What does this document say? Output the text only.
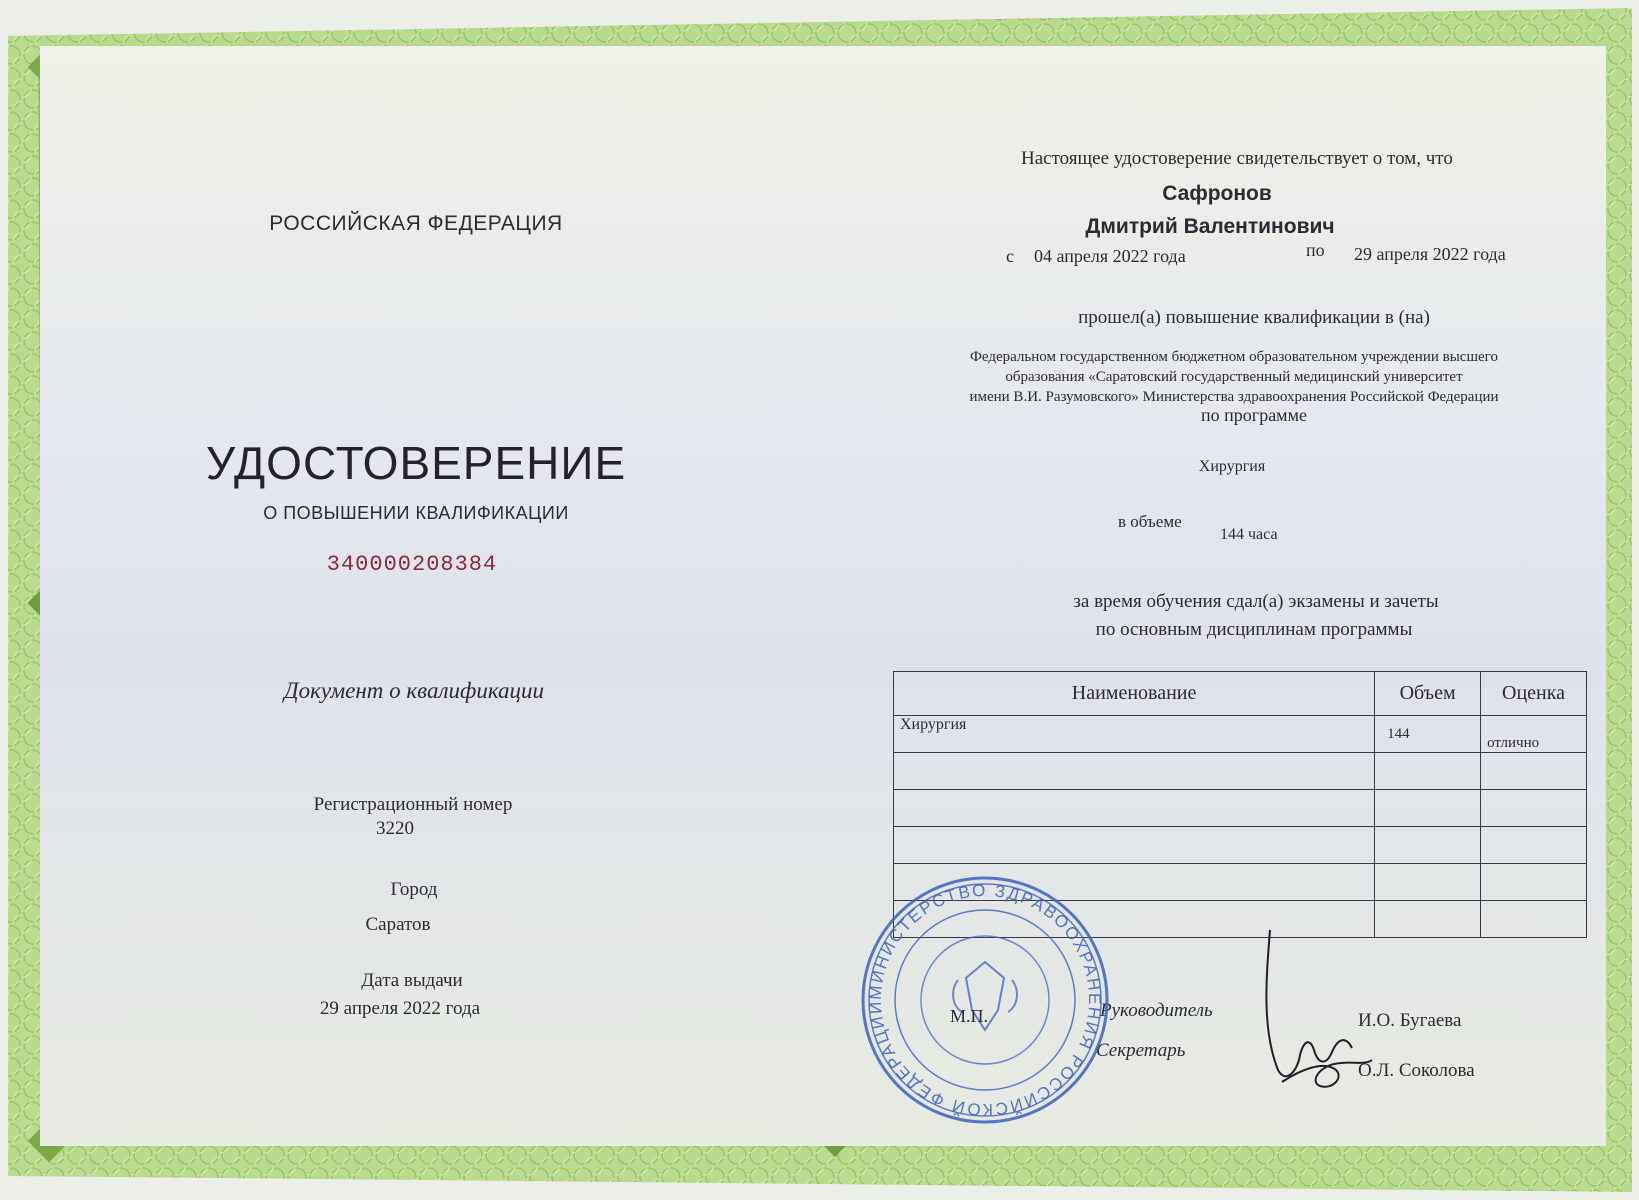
РОССИЙСКАЯ ФЕДЕРАЦИЯ
УДОСТОВЕРЕНИЕ
О ПОВЫШЕНИИ КВАЛИФИКАЦИИ
340000208384
Документ о квалификации
Регистрационный номер
3220
Город
Саратов
Дата выдачи
29 апреля 2022 года
Настоящее удостоверение свидетельствует о том, что
Сафронов
Дмитрий Валентинович
с 04 апреля 2022 года	по 29 апреля 2022 года
прошел(а) повышение квалификации в (на)
Федеральном государственном бюджетном образовательном учреждении высшего
образования «Саратовский государственный медицинский университет
имени В.И. Разумовского» Министерства здравоохранения Российской Федерации
по программе
Хирургия
в объеме
144 часа
за время обучения сдал(а) экзамены и зачеты
по основным дисциплинам программы
Наименование	Объем	Оценка
Хирургия	144	отлично

Руководитель	И.О. Бугаева
Секретарь
О.Л. Соколова
МИНИСТЕРСТВО ЗДРАВООХРАНЕНИЯ РОССИЙСКОЙ ФЕДЕРАЦИИ	М.П.
